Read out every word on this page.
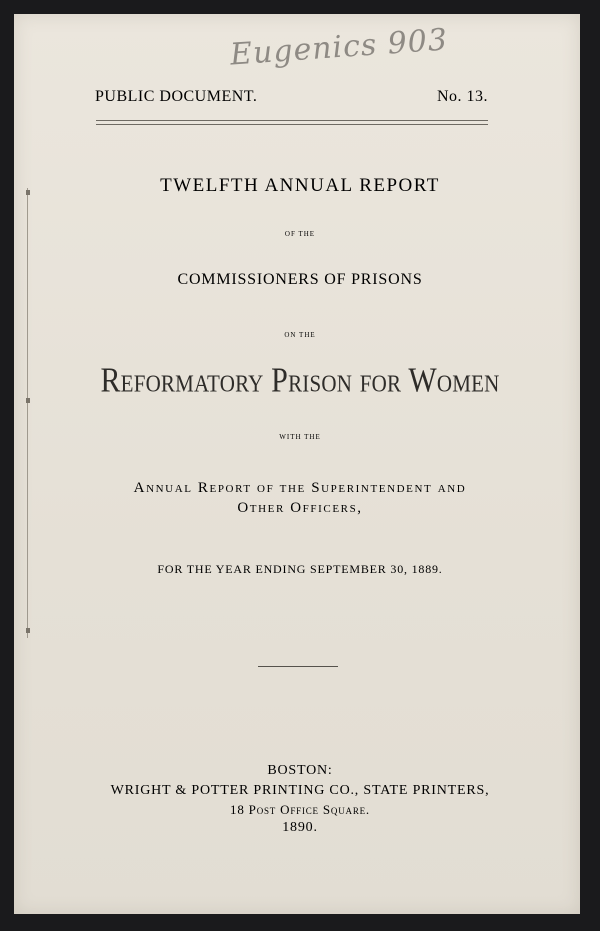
Eugenics 903
PUBLIC DOCUMENT.	No. 13.
TWELFTH ANNUAL REPORT
OF THE
COMMISSIONERS OF PRISONS
ON THE
Reformatory Prison for Women
WITH THE
Annual Report of the Superintendent and
Other Officers,
FOR THE YEAR ENDING SEPTEMBER 30, 1889.
BOSTON:
WRIGHT & POTTER PRINTING CO., STATE PRINTERS,
18 Post Office Square.
1890.
